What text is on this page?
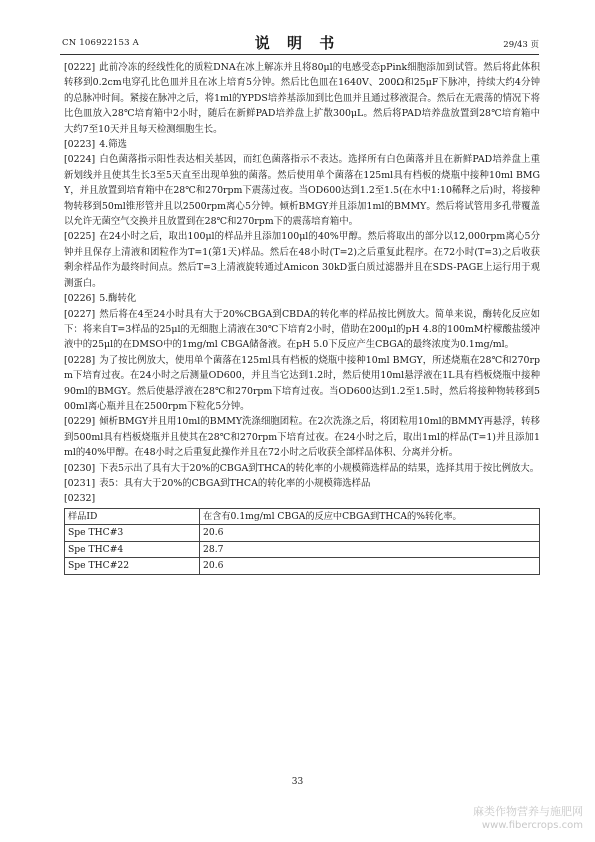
CN 106922153 A	说 明 书	29/43 页

[0222] 此前冷冻的经线性化的质粒DNA在冰上解冻并且将80μl的电感受态pPink细胞添加到试管。然后将此体积转移到0.2cm电穿孔比色皿并且在冰上培育5分钟。然后比色皿在1640V、200Ω和25μF下脉冲，持续大约4分钟的总脉冲时间。紧接在脉冲之后，将1ml的YPDS培养基添加到比色皿并且通过移液混合。然后在无震荡的情况下将比色皿放入28℃培育箱中2小时，随后在新鲜PAD培养盘上扩散300μL。然后将PAD培养盘放置到28℃培育箱中大约7至10天并且每天检测细胞生长。

[0223] 4.筛选

[0224] 白色菌落指示阳性表达相关基因，而红色菌落指示不表达。选择所有白色菌落并且在新鲜PAD培养盘上重新划线并且使其生长3至5天直至出现单独的菌落。然后使用单个菌落在125ml具有档板的烧瓶中接种10ml BMGY，并且放置到培育箱中在28℃和270rpm下震荡过夜。当OD600达到1.2至1.5(在水中1:10稀释之后)时，将接种物转移到50ml锥形管并且以2500rpm离心5分钟。倾析BMGY并且添加1ml的BMMY。然后将试管用多孔带覆盖以允许无菌空气交换并且放置到在28℃和270rpm下的震荡培育箱中。

[0225] 在24小时之后，取出100μl的样品并且添加100μl的40%甲醇。然后将取出的部分以12,000rpm离心5分钟并且保存上清液和团粒作为T=1(第1天)样品。然后在48小时(T=2)之后重复此程序。在72小时(T=3)之后收获剩余样品作为最终时间点。然后T=3上清液旋转通过Amicon 30kD蛋白质过滤器并且在SDS-PAGE上运行用于观测蛋白。

[0226] 5.酶转化

[0227] 然后将在4至24小时具有大于20%CBGA到CBDA的转化率的样品按比例放大。简单来说，酶转化反应如下：将来自T=3样品的25μl的无细胞上清液在30℃下培育2小时，借助在200μl的pH 4.8的100mM柠檬酸盐缓冲液中的25μl的在DMSO中的1mg/ml CBGA储备液。在pH 5.0下反应产生CBGA的最终浓度为0.1mg/ml。

[0228] 为了按比例放大，使用单个菌落在125ml具有档板的烧瓶中接种10ml BMGY，所述烧瓶在28℃和270rpm下培育过夜。在24小时之后测量OD600，并且当它达到1.2时，然后使用10ml悬浮液在1L具有档板烧瓶中接种90ml的BMGY。然后使悬浮液在28℃和270rpm下培育过夜。当OD600达到1.2至1.5时，然后将接种物转移到500ml离心瓶并且在2500rpm下粒化5分钟。

[0229] 倾析BMGY并且用10ml的BMMY洗涤细胞团粒。在2次洗涤之后，将团粒用10ml的BMMY再悬浮，转移到500ml具有档板烧瓶并且使其在28℃和270rpm下培育过夜。在24小时之后，取出1ml的样品(T=1)并且添加1ml的40%甲醇。在48小时之后重复此操作并且在72小时之后收获全部样品体积、分离并分析。

[0230] 下表5示出了具有大于20%的CBGA到THCA的转化率的小规模筛选样品的结果，选择其用于按比例放大。

[0231] 表5：具有大于20%的CBGA到THCA的转化率的小规模筛选样品

[0232]

样品ID	在含有0.1mg/ml CBGA的反应中CBGA到THCA的%转化率。
Spe THC#3	20.6
Spe THC#4	28.7
Spe THC#22	20.6
33
麻类作物营养与施肥网
www.fibercrops.com
